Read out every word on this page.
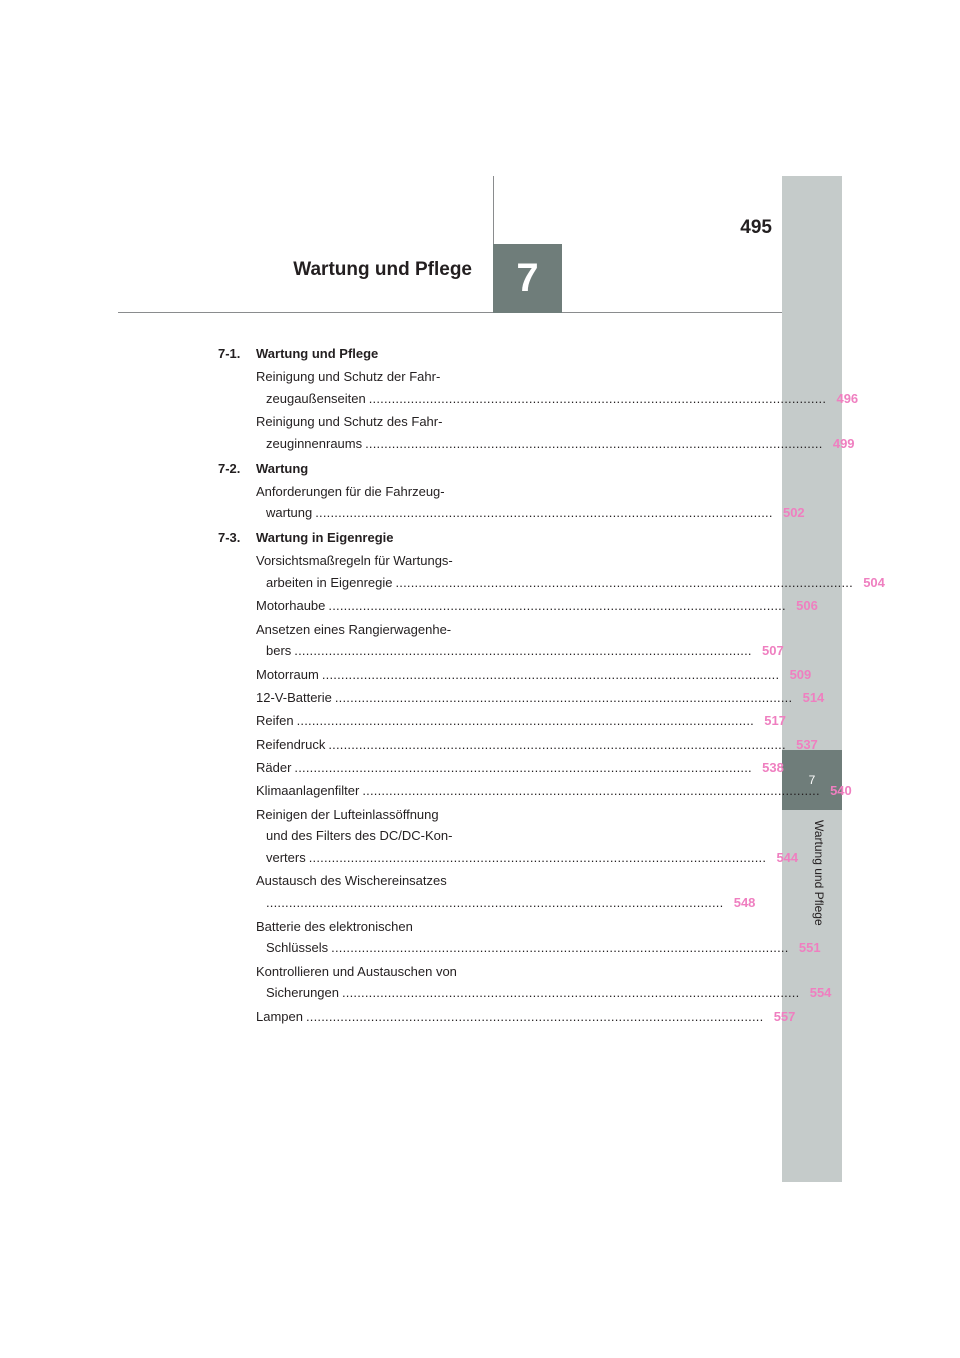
495
Wartung und Pflege	7
7
Wartung und Pflege
7-1. Wartung und Pflege
Reinigung und Schutz der Fahr-
zeugaußenseiten ........................................................................................................................ 496
Reinigung und Schutz des Fahr-
zeuginnenraums ........................................................................................................................ 499
7-2. Wartung
Anforderungen für die Fahrzeug-
wartung ........................................................................................................................ 502
7-3. Wartung in Eigenregie
Vorsichtsmaßregeln für Wartungs-
arbeiten in Eigenregie ........................................................................................................................ 504
Motorhaube ........................................................................................................................ 506
Ansetzen eines Rangierwagenhe-
bers ........................................................................................................................ 507
Motorraum ........................................................................................................................ 509
12-V-Batterie ........................................................................................................................ 514
Reifen ........................................................................................................................ 517
Reifendruck ........................................................................................................................ 537
Räder ........................................................................................................................ 538
Klimaanlagenfilter ........................................................................................................................ 540
Reinigen der Lufteinlassöffnung
und des Filters des DC/DC-Kon-
verters ........................................................................................................................ 544
Austausch des Wischereinsatzes
........................................................................................................................ 548
Batterie des elektronischen
Schlüssels ........................................................................................................................ 551
Kontrollieren und Austauschen von
Sicherungen ........................................................................................................................ 554
Lampen ........................................................................................................................ 557
